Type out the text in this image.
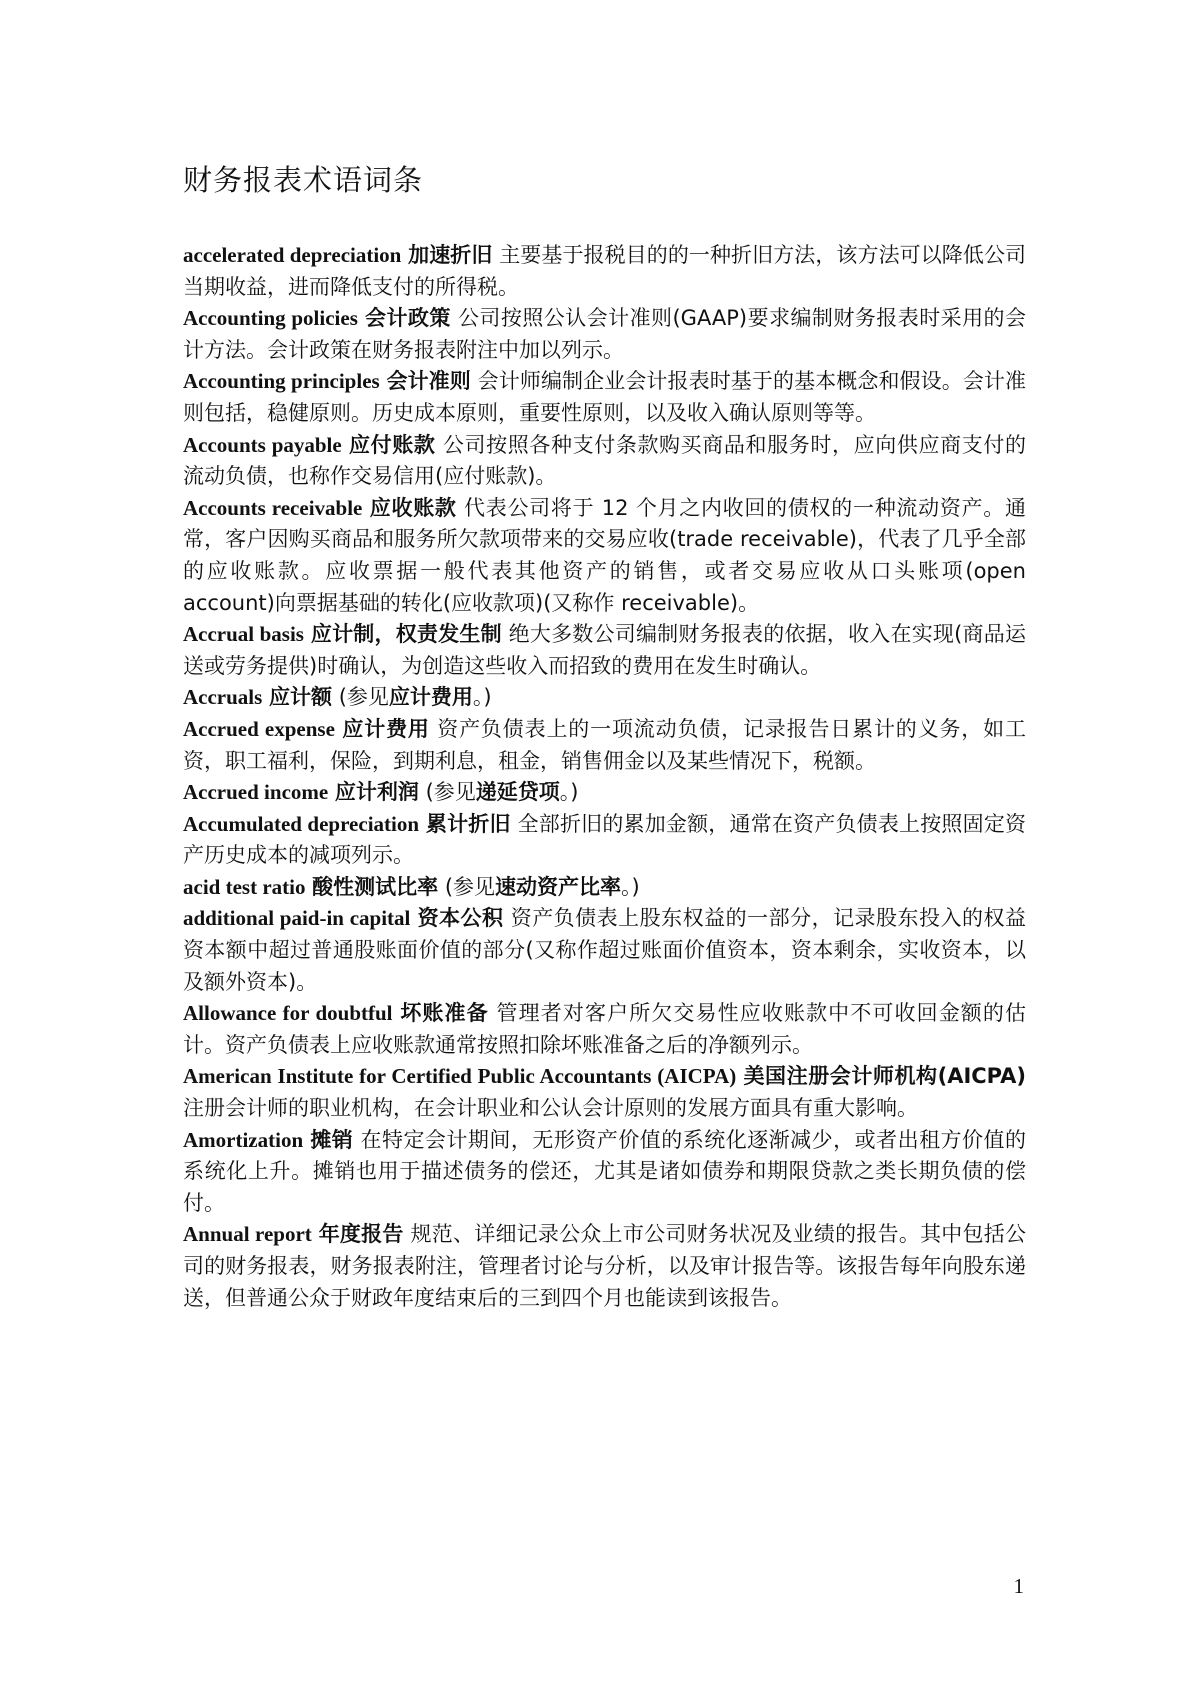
财务报表术语词条

accelerated depreciation 加速折旧 主要基于报税目的的一种折旧方法，该方法可以降低公司当期收益，进而降低支付的所得税。

Accounting policies 会计政策 公司按照公认会计准则(GAAP)要求编制财务报表时采用的会计方法。会计政策在财务报表附注中加以列示。

Accounting principles 会计准则 会计师编制企业会计报表时基于的基本概念和假设。会计准则包括，稳健原则。历史成本原则，重要性原则，以及收入确认原则等等。

Accounts payable 应付账款 公司按照各种支付条款购买商品和服务时，应向供应商支付的流动负债，也称作交易信用(应付账款)。

Accounts receivable 应收账款 代表公司将于 12 个月之内收回的债权的一种流动资产。通常，客户因购买商品和服务所欠款项带来的交易应收(trade receivable)，代表了几乎全部的应收账款。应收票据一般代表其他资产的销售，或者交易应收从口头账项(open account)向票据基础的转化(应收款项)(又称作 receivable)。

Accrual basis 应计制，权责发生制 绝大多数公司编制财务报表的依据，收入在实现(商品运送或劳务提供)时确认，为创造这些收入而招致的费用在发生时确认。

Accruals 应计额 (参见应计费用。)

Accrued expense 应计费用 资产负债表上的一项流动负债，记录报告日累计的义务，如工资，职工福利，保险，到期利息，租金，销售佣金以及某些情况下，税额。

Accrued income 应计利润 (参见递延贷项。)

Accumulated depreciation 累计折旧 全部折旧的累加金额，通常在资产负债表上按照固定资产历史成本的减项列示。

acid test ratio 酸性测试比率 (参见速动资产比率。)

additional paid-in capital 资本公积 资产负债表上股东权益的一部分，记录股东投入的权益资本额中超过普通股账面价值的部分(又称作超过账面价值资本，资本剩余，实收资本，以及额外资本)。

Allowance for doubtful 坏账准备 管理者对客户所欠交易性应收账款中不可收回金额的估计。资产负债表上应收账款通常按照扣除坏账准备之后的净额列示。

American Institute for Certified Public Accountants (AICPA) 美国注册会计师机构(AICPA) 注册会计师的职业机构，在会计职业和公认会计原则的发展方面具有重大影响。

Amortization 摊销 在特定会计期间，无形资产价值的系统化逐渐减少，或者出租方价值的系统化上升。摊销也用于描述债务的偿还，尤其是诸如债券和期限贷款之类长期负债的偿付。

Annual report 年度报告 规范、详细记录公众上市公司财务状况及业绩的报告。其中包括公司的财务报表，财务报表附注，管理者讨论与分析，以及审计报告等。该报告每年向股东递送，但普通公众于财政年度结束后的三到四个月也能读到该报告。

1
